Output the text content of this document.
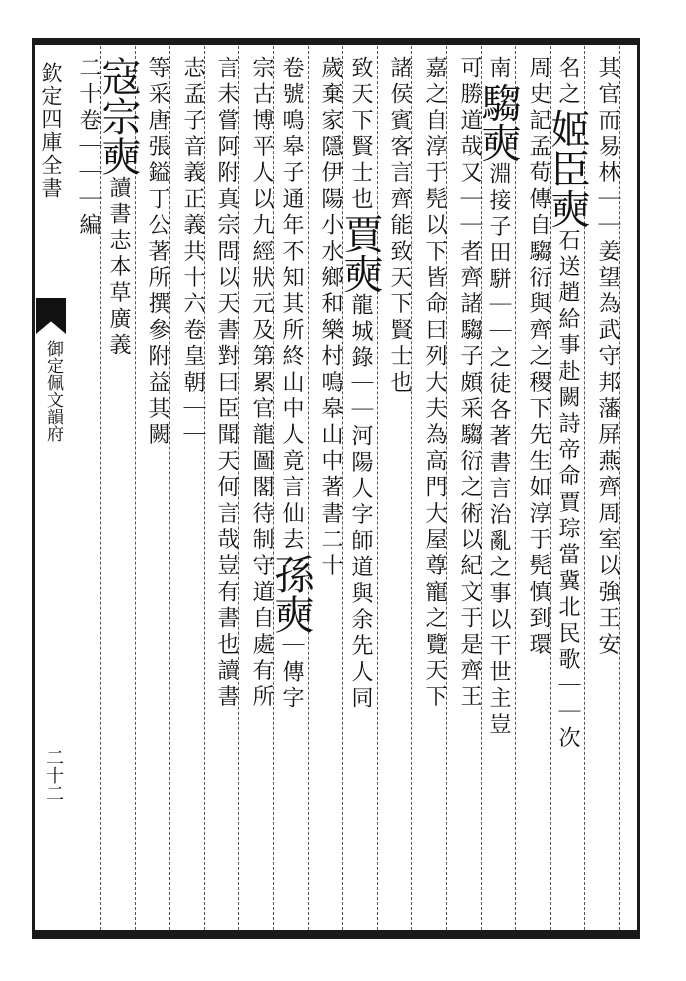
欽定四庫全書
御定佩文韻府
二十二
其官而易林｜｜姜望為武守邦藩屏燕齊周室以強王安
名之姬臣奭石送趙給事赴闕詩帝命賈琮當冀北民歌｜｜次
周史記孟荀傳自騶衍與齊之稷下先生如淳于髡慎到環
南騶奭淵接子田駢｜｜之徒各著書言治亂之事以干世主豈
可勝道哉又｜｜者齊諸騶子頗采騶衍之術以紀文于是齊王
嘉之自淳于髡以下皆命曰列大夫為高門大屋尊寵之覽天下
諸侯賓客言齊能致天下賢士也
致天下賢士也賈奭龍城錄｜｜河陽人字師道與余先人同
歲棄家隱伊陽小水鄉和樂村鳴皋山中著書二十
卷號鳴皋子通年不知其所終山中人竟言仙去孫奭｜傳字
宗古博平人以九經狀元及第累官龍圖閣待制守道自處有所
言未嘗阿附真宗問以天書對曰臣聞天何言哉豈有書也讀書
志孟子音義正義共十六卷皇朝｜｜
等采唐張鎰丁公著所撰參附益其闕
寇宗奭讀書志本草廣義
二十卷｜｜｜編
